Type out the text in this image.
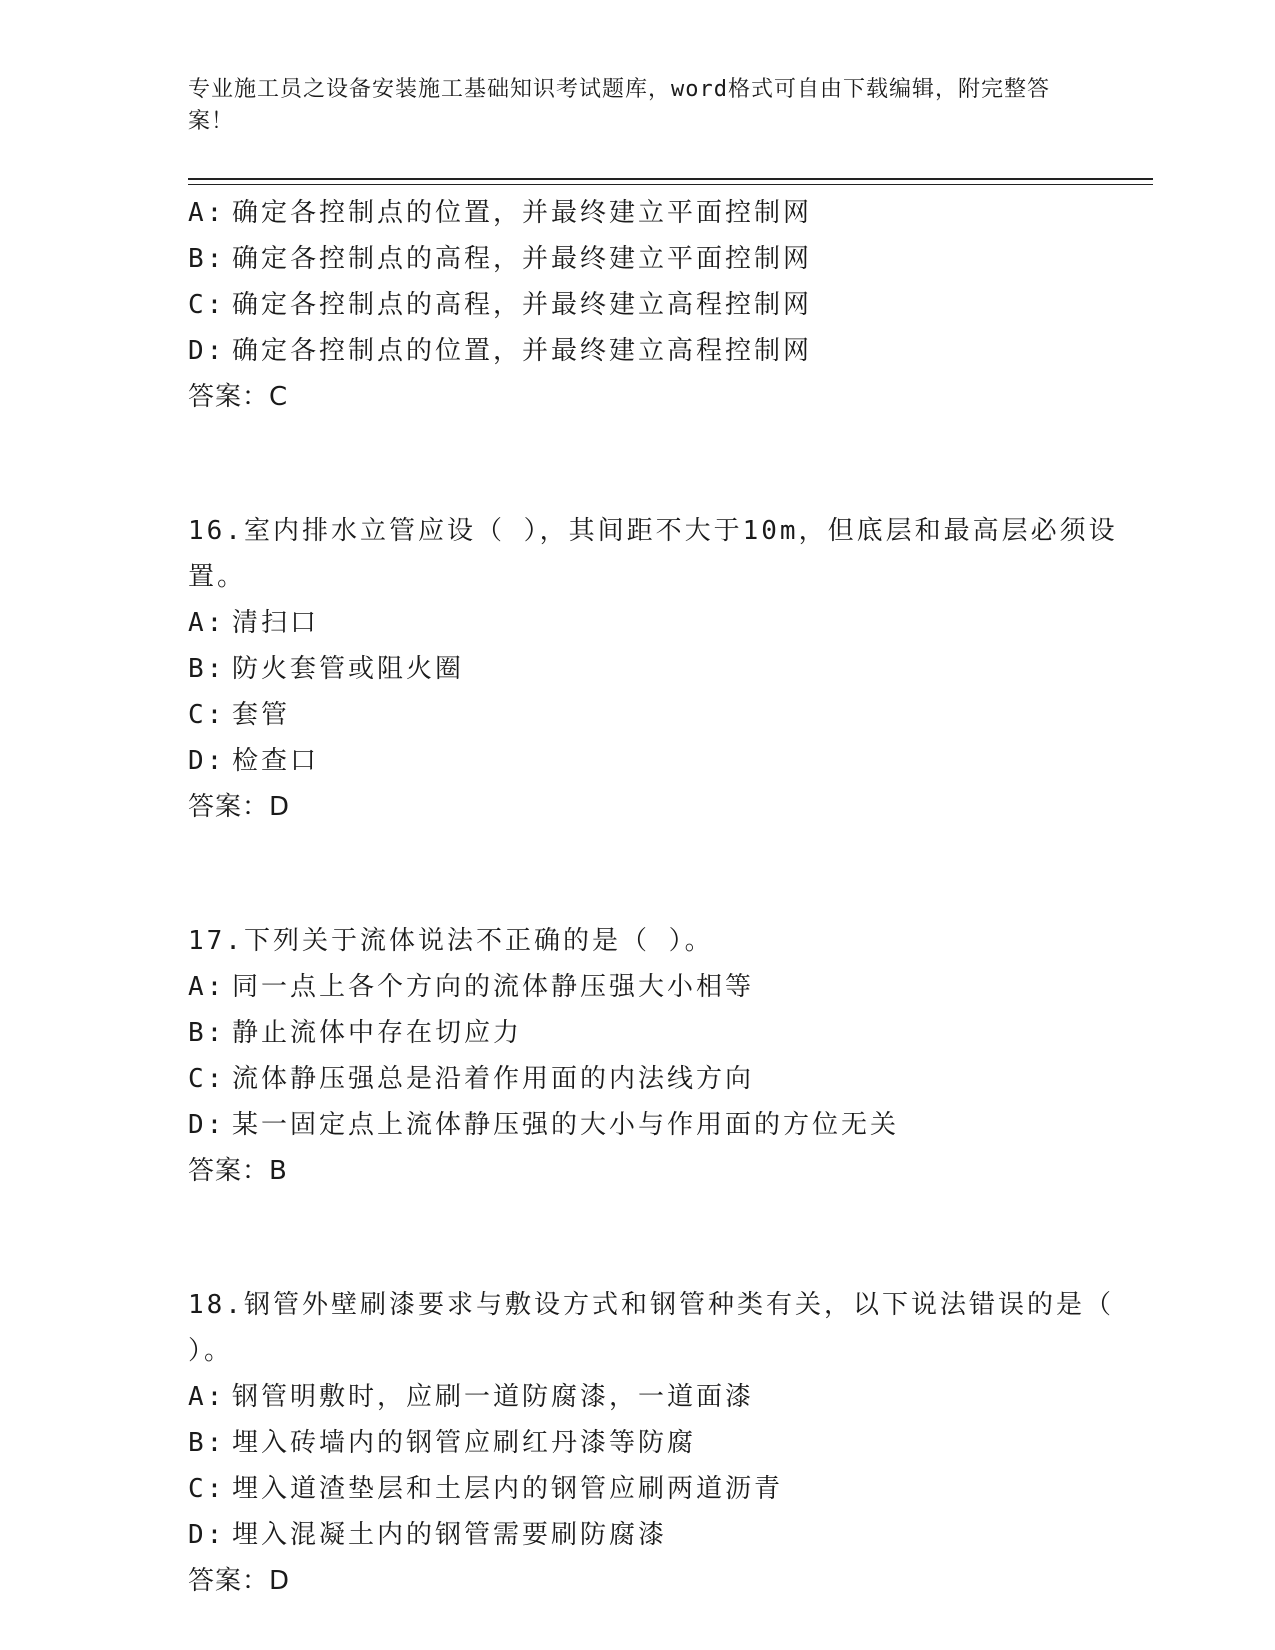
专业施工员之设备安装施工基础知识考试题库，word格式可自由下载编辑，附完整答案！
A: 确定各控制点的位置，并最终建立平面控制网
B: 确定各控制点的高程，并最终建立平面控制网
C: 确定各控制点的高程，并最终建立高程控制网
D: 确定各控制点的位置，并最终建立高程控制网
答案：C
16.室内排水立管应设（ ），其间距不大于10m，但底层和最高层必须设置。
A: 清扫口
B: 防火套管或阻火圈
C: 套管
D: 检查口
答案：D
17.下列关于流体说法不正确的是（ ）。
A: 同一点上各个方向的流体静压强大小相等
B: 静止流体中存在切应力
C: 流体静压强总是沿着作用面的内法线方向
D: 某一固定点上流体静压强的大小与作用面的方位无关
答案：B
18.钢管外壁刷漆要求与敷设方式和钢管种类有关，以下说法错误的是（ ）。
A: 钢管明敷时，应刷一道防腐漆，一道面漆
B: 埋入砖墙内的钢管应刷红丹漆等防腐
C: 埋入道渣垫层和土层内的钢管应刷两道沥青
D: 埋入混凝土内的钢管需要刷防腐漆
答案：D
